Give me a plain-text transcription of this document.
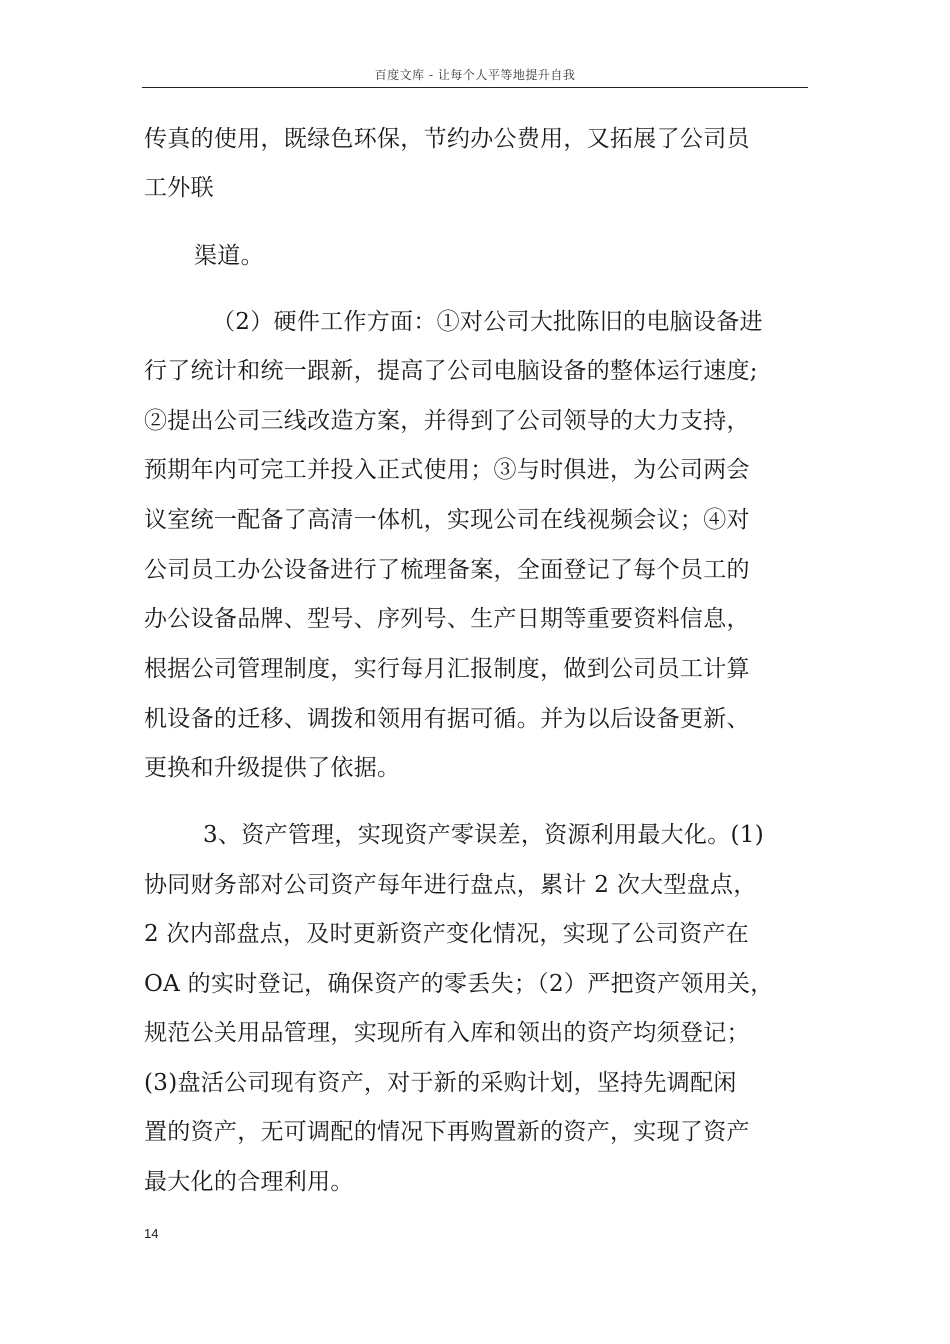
百度文库 - 让每个人平等地提升自我
传真的使用，既绿色环保，节约办公费用，又拓展了公司员
工外联
渠道。
（2）硬件工作方面：①对公司大批陈旧的电脑设备进
行了统计和统一跟新，提高了公司电脑设备的整体运行速度;
②提出公司三线改造方案，并得到了公司领导的大力支持，
预期年内可完工并投入正式使用；③与时俱进，为公司两会
议室统一配备了高清一体机，实现公司在线视频会议；④对
公司员工办公设备进行了梳理备案，全面登记了每个员工的
办公设备品牌、型号、序列号、生产日期等重要资料信息，
根据公司管理制度，实行每月汇报制度，做到公司员工计算
机设备的迁移、调拨和领用有据可循。并为以后设备更新、
更换和升级提供了依据。
3、资产管理，实现资产零误差，资源利用最大化。(1)
协同财务部对公司资产每年进行盘点，累计 2 次大型盘点，
2 次内部盘点，及时更新资产变化情况，实现了公司资产在
OA 的实时登记，确保资产的零丢失；（2）严把资产领用关，
规范公关用品管理，实现所有入库和领出的资产均须登记；
(3)盘活公司现有资产，对于新的采购计划，坚持先调配闲
置的资产，无可调配的情况下再购置新的资产，实现了资产
最大化的合理利用。
14
